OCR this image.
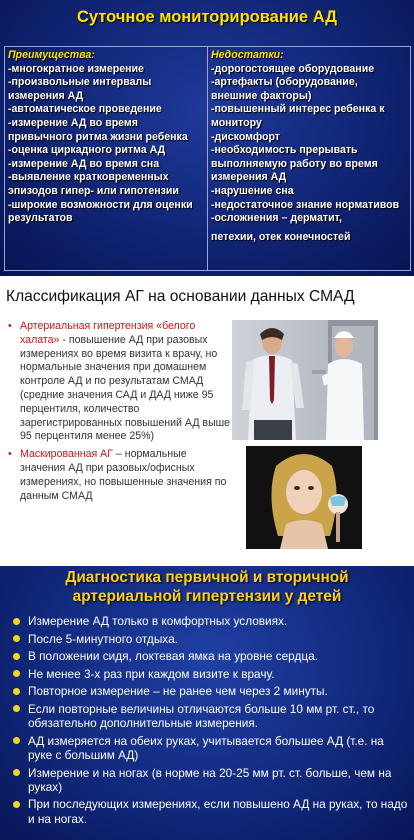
Суточное мониторирование АД
Преимущества:
-многократное измерение
-произвольные интервалы измерения АД
-автоматическое проведение
-измерение АД во время привычного ритма жизни ребенка
-оценка циркадного ритма АД
-измерение АД во время сна
-выявление кратковременных эпизодов гипер- или гипотензии
-широкие возможности для оценки результатов

Недостатки:
-дорогостоящее оборудование
-артефакты (оборудование, внешние факторы)
-повышенный интерес ребенка к монитору
-дискомфорт
-необходимость прерывать выполняемую работу во время измерения АД
-нарушение сна
-недостаточное знание нормативов
-осложнения – дерматит,
петехии, отек конечностей
Классификация АГ на основании данных СМАД
• Артериальная гипертензия «белого халата» - повышение АД при разовых измерениях во время визита к врачу, но нормальные значения при домашнем контроле АД и по результатам СМАД (средние значения САД и ДАД ниже 95 перцентиля, количество зарегистрированных повышений АД выше 95 перцентиля менее 25%)
• Маскированная АГ – нормальные значения АД при разовых/офисных измерениях, но повышенные значения по данным СМАД
Диагностика первичной и вторичной
артериальной гипертензии у детей
Измерение АД только в комфортных условиях.
После 5-минутного отдыха.
В положении сидя, локтевая ямка на уровне сердца.
Не менее 3-х раз при каждом визите к врачу.
Повторное измерение – не ранее чем через 2 минуты.
Если повторные величины отличаются больше 10 мм рт. ст., то обязательно дополнительные измерения.
АД измеряется на обеих руках, учитывается большее АД (т.е. на руке с большим АД)
Измерение и на ногах (в норме на 20-25 мм рт. ст. больше, чем на руках)
При последующих измерениях, если повышено АД на руках, то надо и на ногах.
